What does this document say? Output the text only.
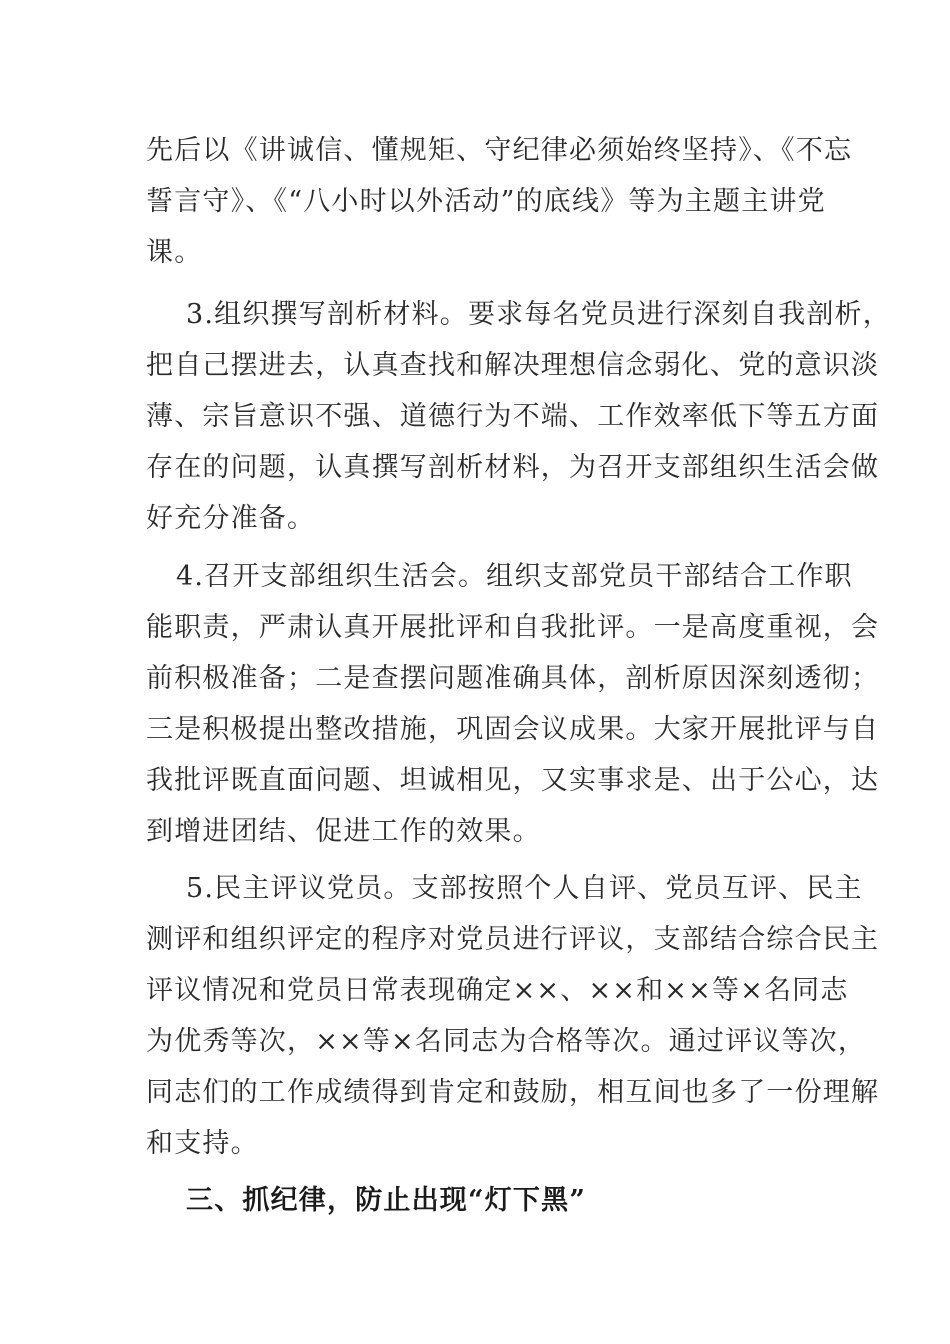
先后以《讲诚信、懂规矩、守纪律必须始终坚持》、《不忘
誓言守》、《“八小时以外活动”的底线》等为主题主讲党
课。
3.组织撰写剖析材料。要求每名党员进行深刻自我剖析，
把自己摆进去，认真查找和解决理想信念弱化、党的意识淡
薄、宗旨意识不强、道德行为不端、工作效率低下等五方面
存在的问题，认真撰写剖析材料，为召开支部组织生活会做
好充分准备。
4.召开支部组织生活会。组织支部党员干部结合工作职
能职责，严肃认真开展批评和自我批评。一是高度重视，会
前积极准备；二是查摆问题准确具体，剖析原因深刻透彻；
三是积极提出整改措施，巩固会议成果。大家开展批评与自
我批评既直面问题、坦诚相见，又实事求是、出于公心，达
到增进团结、促进工作的效果。
5.民主评议党员。支部按照个人自评、党员互评、民主
测评和组织评定的程序对党员进行评议，支部结合综合民主
评议情况和党员日常表现确定××、××和××等×名同志
为优秀等次，××等×名同志为合格等次。通过评议等次，
同志们的工作成绩得到肯定和鼓励，相互间也多了一份理解
和支持。
三、抓纪律，防止出现“灯下黑”
